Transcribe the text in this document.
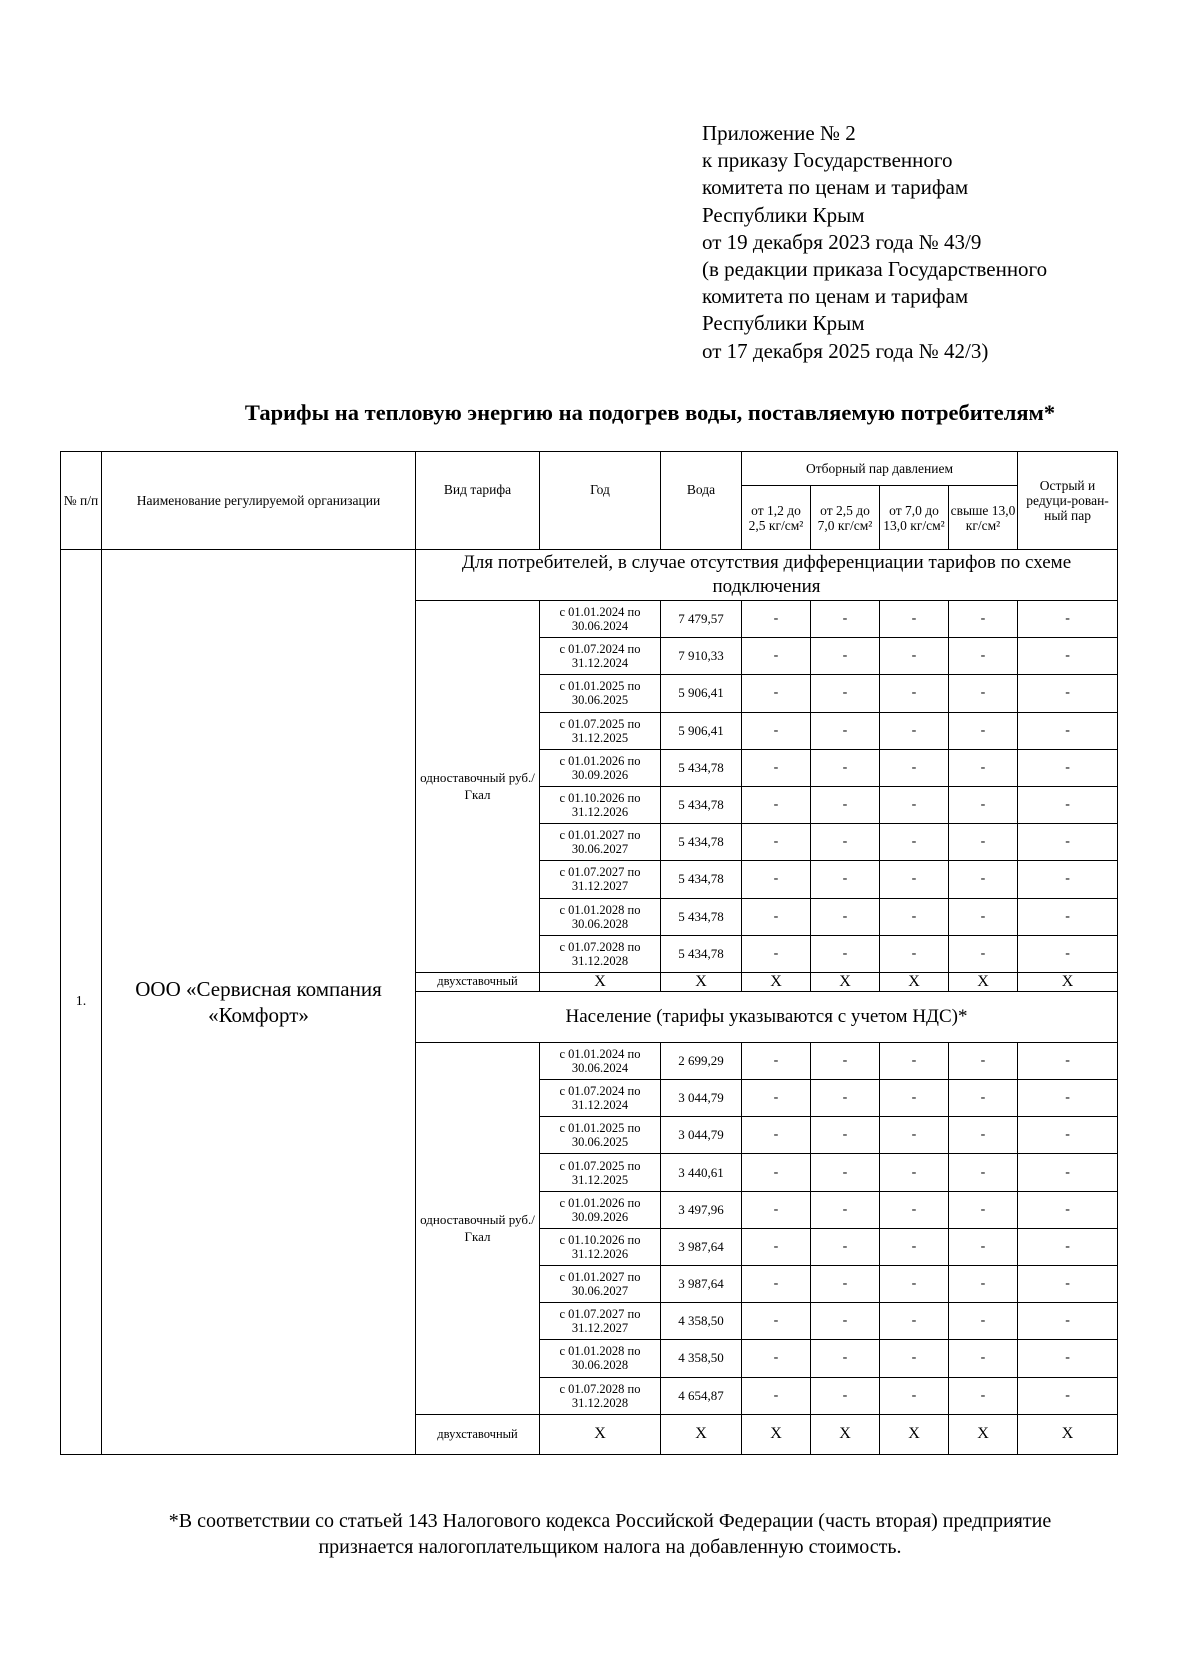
Приложение № 2
к приказу Государственного
комитета по ценам и тарифам
Республики Крым
от 19 декабря 2023 года № 43/9
(в редакции приказа Государственного
комитета по ценам и тарифам
Республики Крым
от 17 декабря 2025 года № 42/3)
Тарифы на тепловую энергию на подогрев воды, поставляемую потребителям*
№ п/п	Наименование регулируемой организации	Вид тарифа	Год	Вода	Отборный пар давлением				Острый и редуци-рован-ный пар
					от 1,2 до 2,5 кг/см²	от 2,5 до 7,0 кг/см²	от 7,0 до 13,0 кг/см²	свыше 13,0 кг/см²	
1.	ООО «Сервисная компания «Комфорт»	Для потребителей, в случае отсутствия дифференциации тарифов по схеме подключения							
		одноставочный руб./Гкал	с 01.01.2024 по 30.06.2024	7 479,57	-	-	-	-	-
			с 01.07.2024 по 31.12.2024	7 910,33	-	-	-	-	-
			с 01.01.2025 по 30.06.2025	5 906,41	-	-	-	-	-
			с 01.07.2025 по 31.12.2025	5 906,41	-	-	-	-	-
			с 01.01.2026 по 30.09.2026	5 434,78	-	-	-	-	-
			с 01.10.2026 по 31.12.2026	5 434,78	-	-	-	-	-
			с 01.01.2027 по 30.06.2027	5 434,78	-	-	-	-	-
			с 01.07.2027 по 31.12.2027	5 434,78	-	-	-	-	-
			с 01.01.2028 по 30.06.2028	5 434,78	-	-	-	-	-
			с 01.07.2028 по 31.12.2028	5 434,78	-	-	-	-	-
		двухставочный	X	X	X	X	X	X	X
		Население (тарифы указываются с учетом НДС)*							
		одноставочный руб./Гкал	с 01.01.2024 по 30.06.2024	2 699,29	-	-	-	-	-
			с 01.07.2024 по 31.12.2024	3 044,79	-	-	-	-	-
			с 01.01.2025 по 30.06.2025	3 044,79	-	-	-	-	-
			с 01.07.2025 по 31.12.2025	3 440,61	-	-	-	-	-
			с 01.01.2026 по 30.09.2026	3 497,96	-	-	-	-	-
			с 01.10.2026 по 31.12.2026	3 987,64	-	-	-	-	-
			с 01.01.2027 по 30.06.2027	3 987,64	-	-	-	-	-
			с 01.07.2027 по 31.12.2027	4 358,50	-	-	-	-	-
			с 01.01.2028 по 30.06.2028	4 358,50	-	-	-	-	-
			с 01.07.2028 по 31.12.2028	4 654,87	-	-	-	-	-
		двухставочный	X	X	X	X	X	X	X
*В соответствии со статьей 143 Налогового кодекса Российской Федерации (часть вторая) предприятие признается налогоплательщиком налога на добавленную стоимость.
